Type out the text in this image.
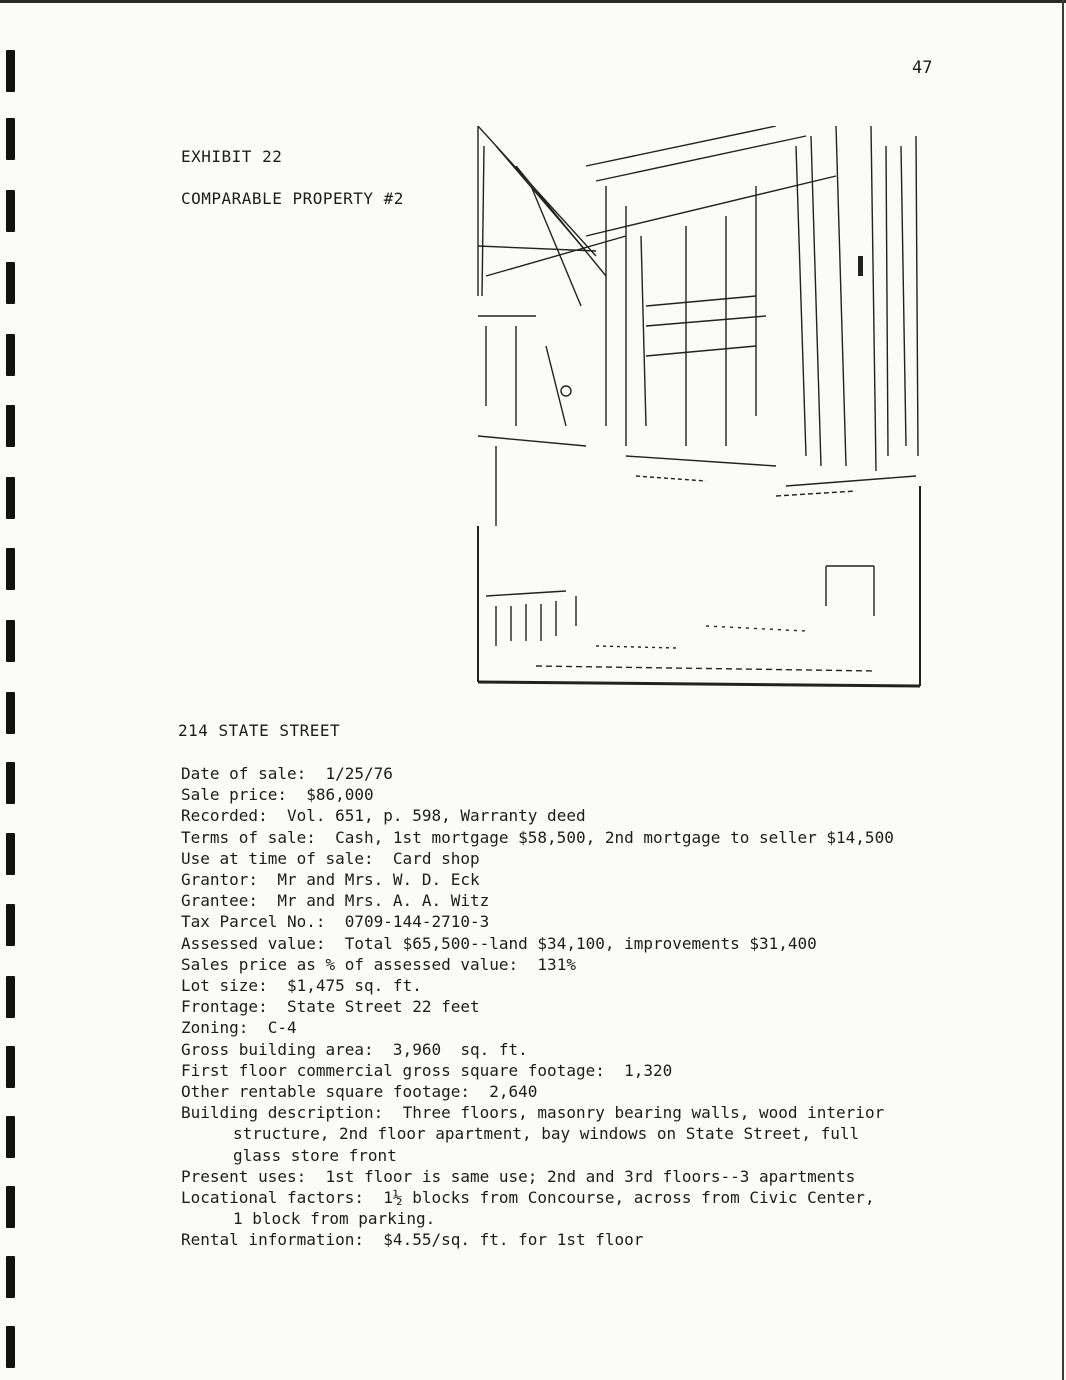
47
EXHIBIT 22
COMPARABLE PROPERTY #2
214 STATE STREET
Date of sale: 1/25/76
Sale price: $86,000
Recorded: Vol. 651, p. 598, Warranty deed
Terms of sale: Cash, 1st mortgage $58,500, 2nd mortgage to seller $14,500
Use at time of sale: Card shop
Grantor: Mr and Mrs. W. D. Eck
Grantee: Mr and Mrs. A. A. Witz
Tax Parcel No.: 0709-144-2710-3
Assessed value: Total $65,500--land $34,100, improvements $31,400
Sales price as % of assessed value: 131%
Lot size: $1,475 sq. ft.
Frontage: State Street 22 feet
Zoning: C-4
Gross building area: 3,960  sq. ft.
First floor commercial gross square footage: 1,320
Other rentable square footage: 2,640
Building description: Three floors, masonry bearing walls, wood interior
structure, 2nd floor apartment, bay windows on State Street, full
glass store front
Present uses: 1st floor is same use; 2nd and 3rd floors--3 apartments
Locational factors: 1½ blocks from Concourse, across from Civic Center,
1 block from parking.
Rental information: $4.55/sq. ft. for 1st floor
